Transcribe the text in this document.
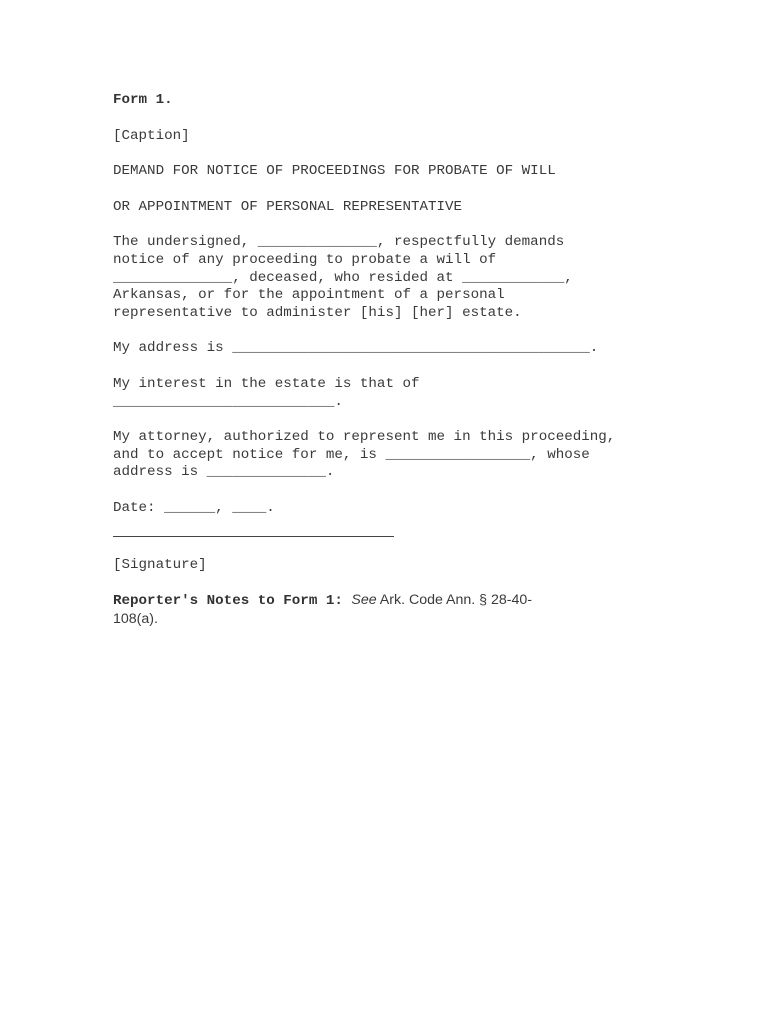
Form 1.
[Caption]
DEMAND FOR NOTICE OF PROCEEDINGS FOR PROBATE OF WILL
OR APPOINTMENT OF PERSONAL REPRESENTATIVE
The undersigned, ______________, respectfully demands
notice of any proceeding to probate a will of
______________, deceased, who resided at ____________,
Arkansas, or for the appointment of a personal
representative to administer [his] [her] estate.
My address is __________________________________________.
My interest in the estate is that of
__________________________.
My attorney, authorized to represent me in this proceeding,
and to accept notice for me, is _________________, whose
address is ______________.
Date: ______, ____.
[Signature]
Reporter's Notes to Form 1: See Ark. Code Ann. § 28-40-
108(a).
